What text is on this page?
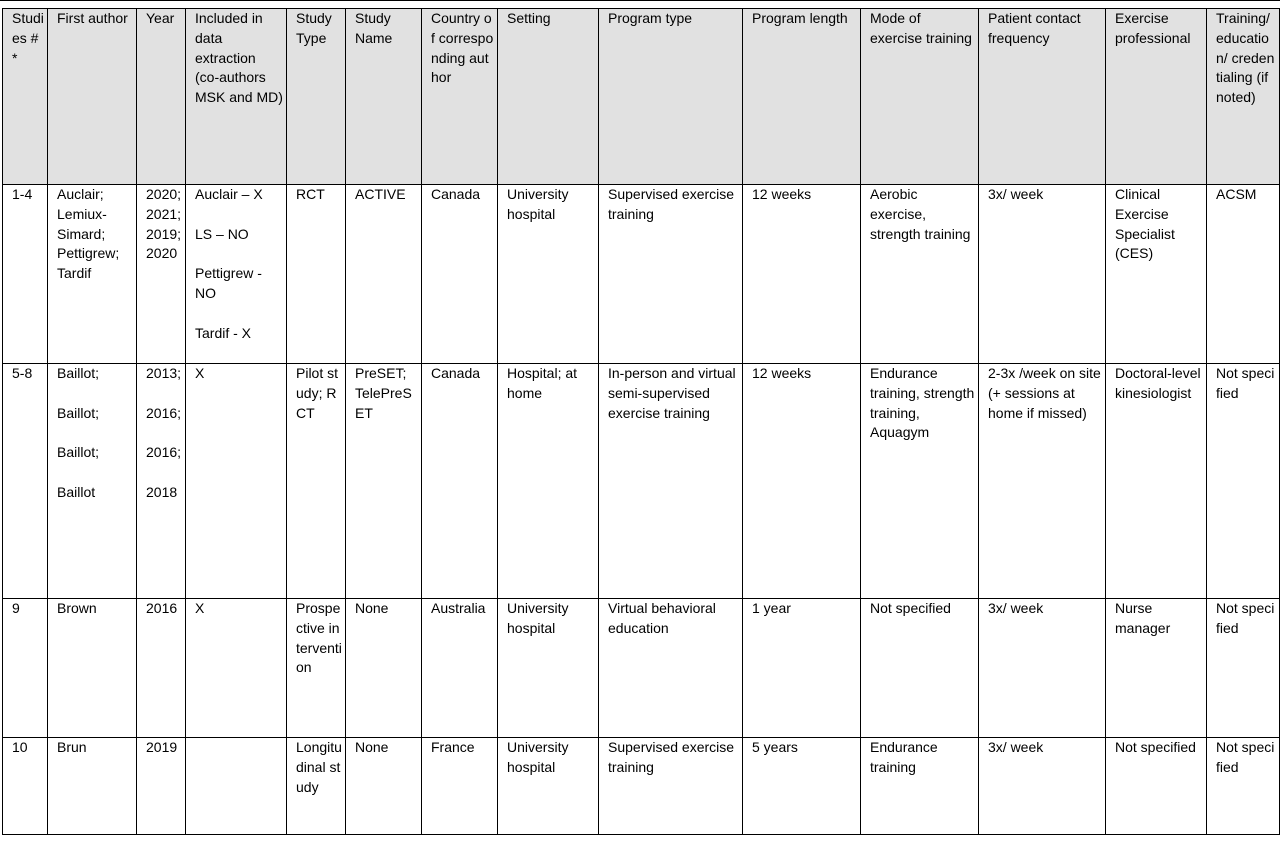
Studies # *	First author	Year	Included in data extraction (co-authors MSK and MD)	Study Type	Study Name	Country of corresponding author	Setting	Program type	Program length	Mode of exercise training	Patient contact frequency	Exercise professional	Training/ education/ credentialing (if noted)
1-4	Auclair; Lemiux-Simard; Pettigrew; Tardif	2020; 2021; 2019; 2020	Auclair – X

LS – NO

Pettigrew - NO

Tardif - X	RCT	ACTIVE	Canada	University hospital	Supervised exercise training	12 weeks	Aerobic exercise, strength training	3x/ week	Clinical Exercise Specialist (CES)	ACSM
5-8	Baillot;

Baillot;

Baillot;

Baillot	2013;

2016;

2016;

2018	X	Pilot study; RCT	PreSET; TelePreSET	Canada	Hospital; at home	In-person and virtual semi-supervised exercise training	12 weeks	Endurance training, strength training, Aquagym	2-3x /week on site (+ sessions at home if missed)	Doctoral-level kinesiologist	Not specified
9	Brown	2016	X	Prospective intervention	None	Australia	University hospital	Virtual behavioral education	1 year	Not specified	3x/ week	Nurse manager	Not specified
10	Brun	2019		Longitudinal study	None	France	University hospital	Supervised exercise training	5 years	Endurance training	3x/ week	Not specified	Not specified
